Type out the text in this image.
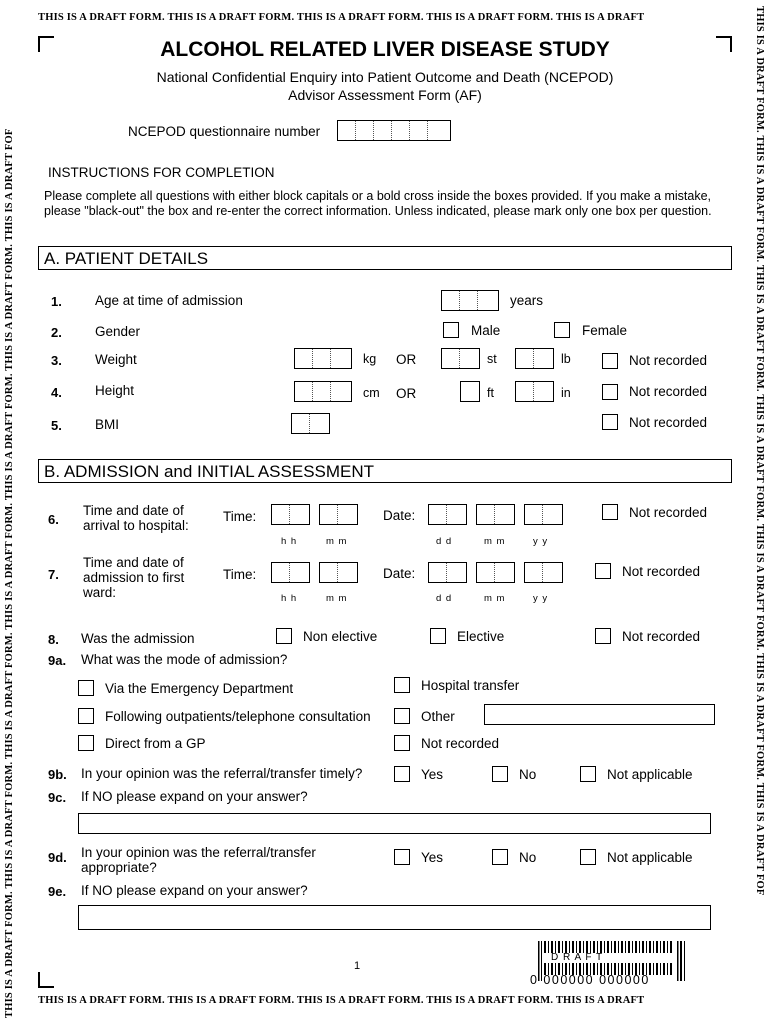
THIS IS A DRAFT FORM. THIS IS A DRAFT FORM. THIS IS A DRAFT FORM. THIS IS A DRAFT FORM. THIS IS A DRAFT
THIS IS A DRAFT FORM. THIS IS A DRAFT FORM. THIS IS A DRAFT FORM. THIS IS A DRAFT FORM. THIS IS A DRAFT
THIS IS A DRAFT FORM. THIS IS A DRAFT FORM. THIS IS A DRAFT FORM. THIS IS A DRAFT FORM. THIS IS A DRAFT FORM. THIS IS A DRAFT FORM. THIS IS A DRAFT FOF	THIS IS A DRAFT FORM. THIS IS A DRAFT FORM. THIS IS A DRAFT FORM. THIS IS A DRAFT FORM. THIS IS A DRAFT FORM. THIS IS A DRAFT FORM. THIS IS A DRAFT FOF
ALCOHOL RELATED LIVER DISEASE STUDY
National Confidential Enquiry into Patient Outcome and Death (NCEPOD)
Advisor Assessment Form (AF)
NCEPOD questionnaire number
INSTRUCTIONS FOR COMPLETION
Please complete all questions with either block capitals or a bold cross inside the boxes provided. If you make a mistake,
please "black-out" the box and re-enter the correct information. Unless indicated, please mark only one box per question.
A. PATIENT DETAILS
1. Age at time of admission	years
2. Gender	Male	Female
3. Weight	kg OR	st	lb	Not recorded
4. Height	cm OR	ft	in	Not recorded
5. BMI	Not recorded
B. ADMISSION and INITIAL ASSESSMENT
6.
Time and date of
arrival to hospital:
Time:	Date:	Not recorded
h h	m m	d d	m m	y y
7.
Time and date of
admission to first
ward:
Time:	Date:	Not recorded
h h	m m	d d	m m	y y
8. Was the admission	Non elective	Elective	Not recorded
9a. What was the mode of admission?
Via the Emergency Department	Hospital transfer
Following outpatients/telephone consultation	Other
Direct from a GP	Not recorded
9b. In your opinion was the referral/transfer timely?	Yes	No	Not applicable
9c. If NO please expand on your answer?
9d. In your opinion was the referral/transfer
appropriate?
Yes	No	Not applicable
9e. If NO please expand on your answer?
1
D R A F T
0 000000 000000
